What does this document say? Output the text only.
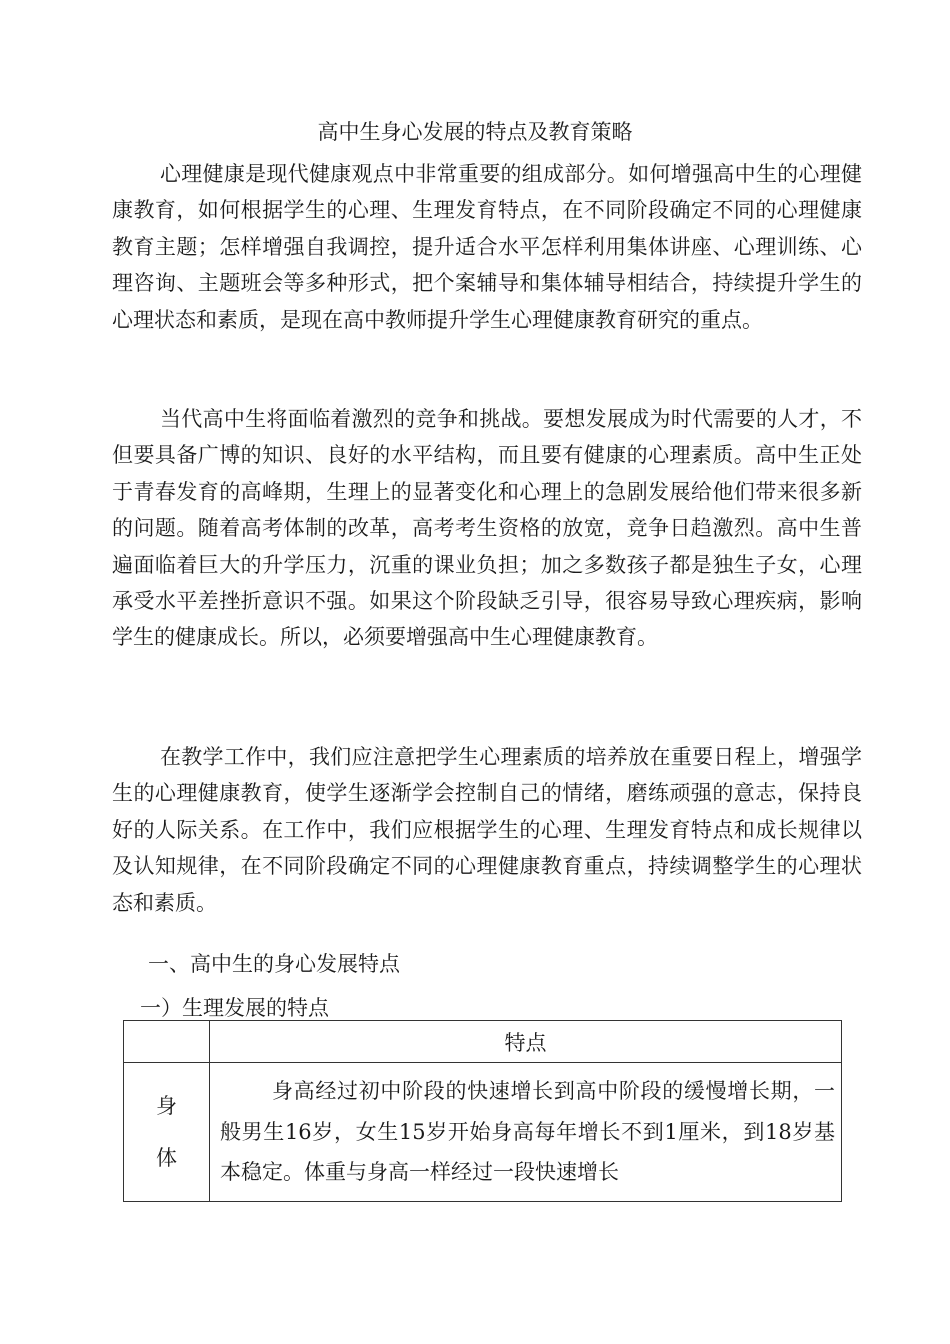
高中生身心发展的特点及教育策略

心理健康是现代健康观点中非常重要的组成部分。如何增强高中生的心理健康教育，如何根据学生的心理、生理发育特点，在不同阶段确定不同的心理健康教育主题；怎样增强自我调控，提升适合水平怎样利用集体讲座、心理训练、心理咨询、主题班会等多种形式，把个案辅导和集体辅导相结合，持续提升学生的心理状态和素质，是现在高中教师提升学生心理健康教育研究的重点。

当代高中生将面临着激烈的竞争和挑战。要想发展成为时代需要的人才，不但要具备广博的知识、良好的水平结构，而且要有健康的心理素质。高中生正处于青春发育的高峰期，生理上的显著变化和心理上的急剧发展给他们带来很多新的问题。随着高考体制的改革，高考考生资格的放宽，竞争日趋激烈。高中生普遍面临着巨大的升学压力，沉重的课业负担；加之多数孩子都是独生子女，心理承受水平差挫折意识不强。如果这个阶段缺乏引导，很容易导致心理疾病，影响学生的健康成长。所以，必须要增强高中生心理健康教育。

在教学工作中，我们应注意把学生心理素质的培养放在重要日程上，增强学生的心理健康教育，使学生逐渐学会控制自己的情绪，磨练顽强的意志，保持良好的人际关系。在工作中，我们应根据学生的心理、生理发育特点和成长规律以及认知规律，在不同阶段确定不同的心理健康教育重点，持续调整学生的心理状态和素质。

一、高中生的身心发展特点
一）生理发展的特点
	特点

身
体	身高经过初中阶段的快速增长到高中阶段的缓慢增长期，一般男生16岁，女生15岁开始身高每年增长不到1厘米，到18岁基本稳定。体重与身高一样经过一段快速增长
